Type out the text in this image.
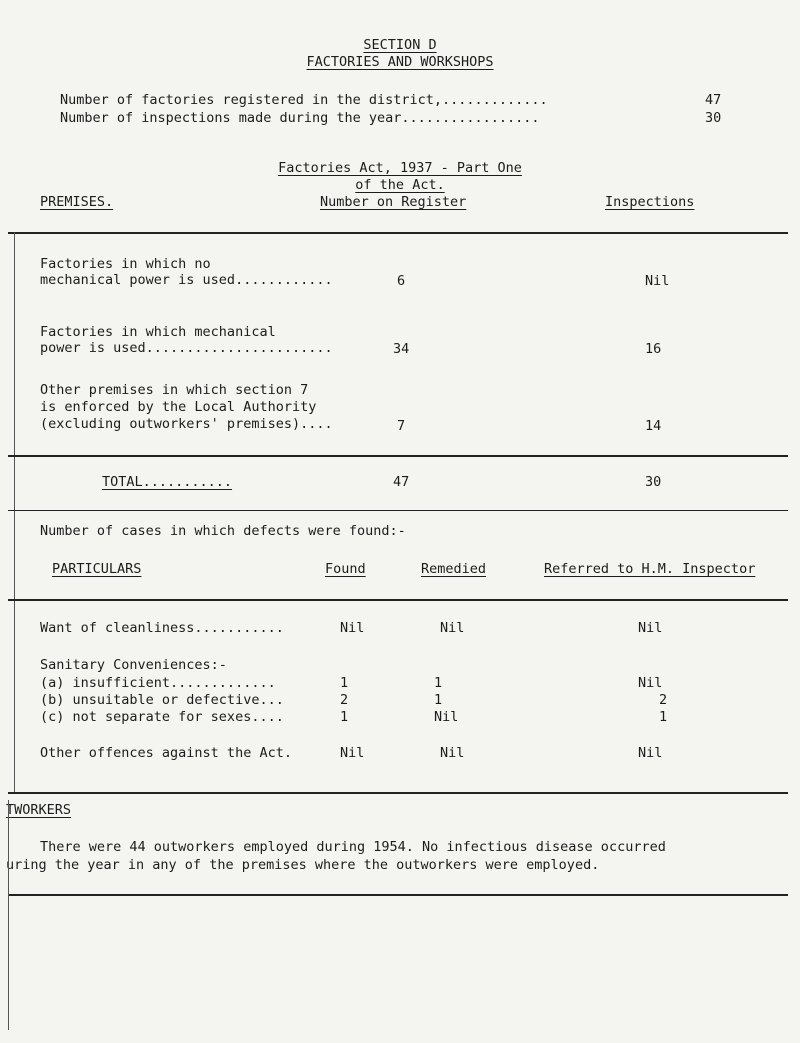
SECTION D
FACTORIES AND WORKSHOPS
Number of factories registered in the district,.............	47
Number of inspections made during the year.................	30
Factories Act, 1937 - Part One
of the Act.
PREMISES.	Number on Register	Inspections
Factories in which no
mechanical power is used............	6	Nil
Factories in which mechanical
power is used.......................	34	16
Other premises in which section 7
is enforced by the Local Authority
(excluding outworkers' premises)....	7	14
TOTAL...........	47	30
Number of cases in which defects were found:-
PARTICULARS	Found	Remedied	Referred to H.M. Inspector
Want of cleanliness...........	Nil	Nil	Nil
Sanitary Conveniences:-
(a) insufficient.............	1	1	Nil
(b) unsuitable or defective...	2	1	2
(c) not separate for sexes....	1	Nil	1
Other offences against the Act.	Nil	Nil	Nil
TWORKERS
There were 44 outworkers employed during 1954. No infectious disease occurred
uring the year in any of the premises where the outworkers were employed.
